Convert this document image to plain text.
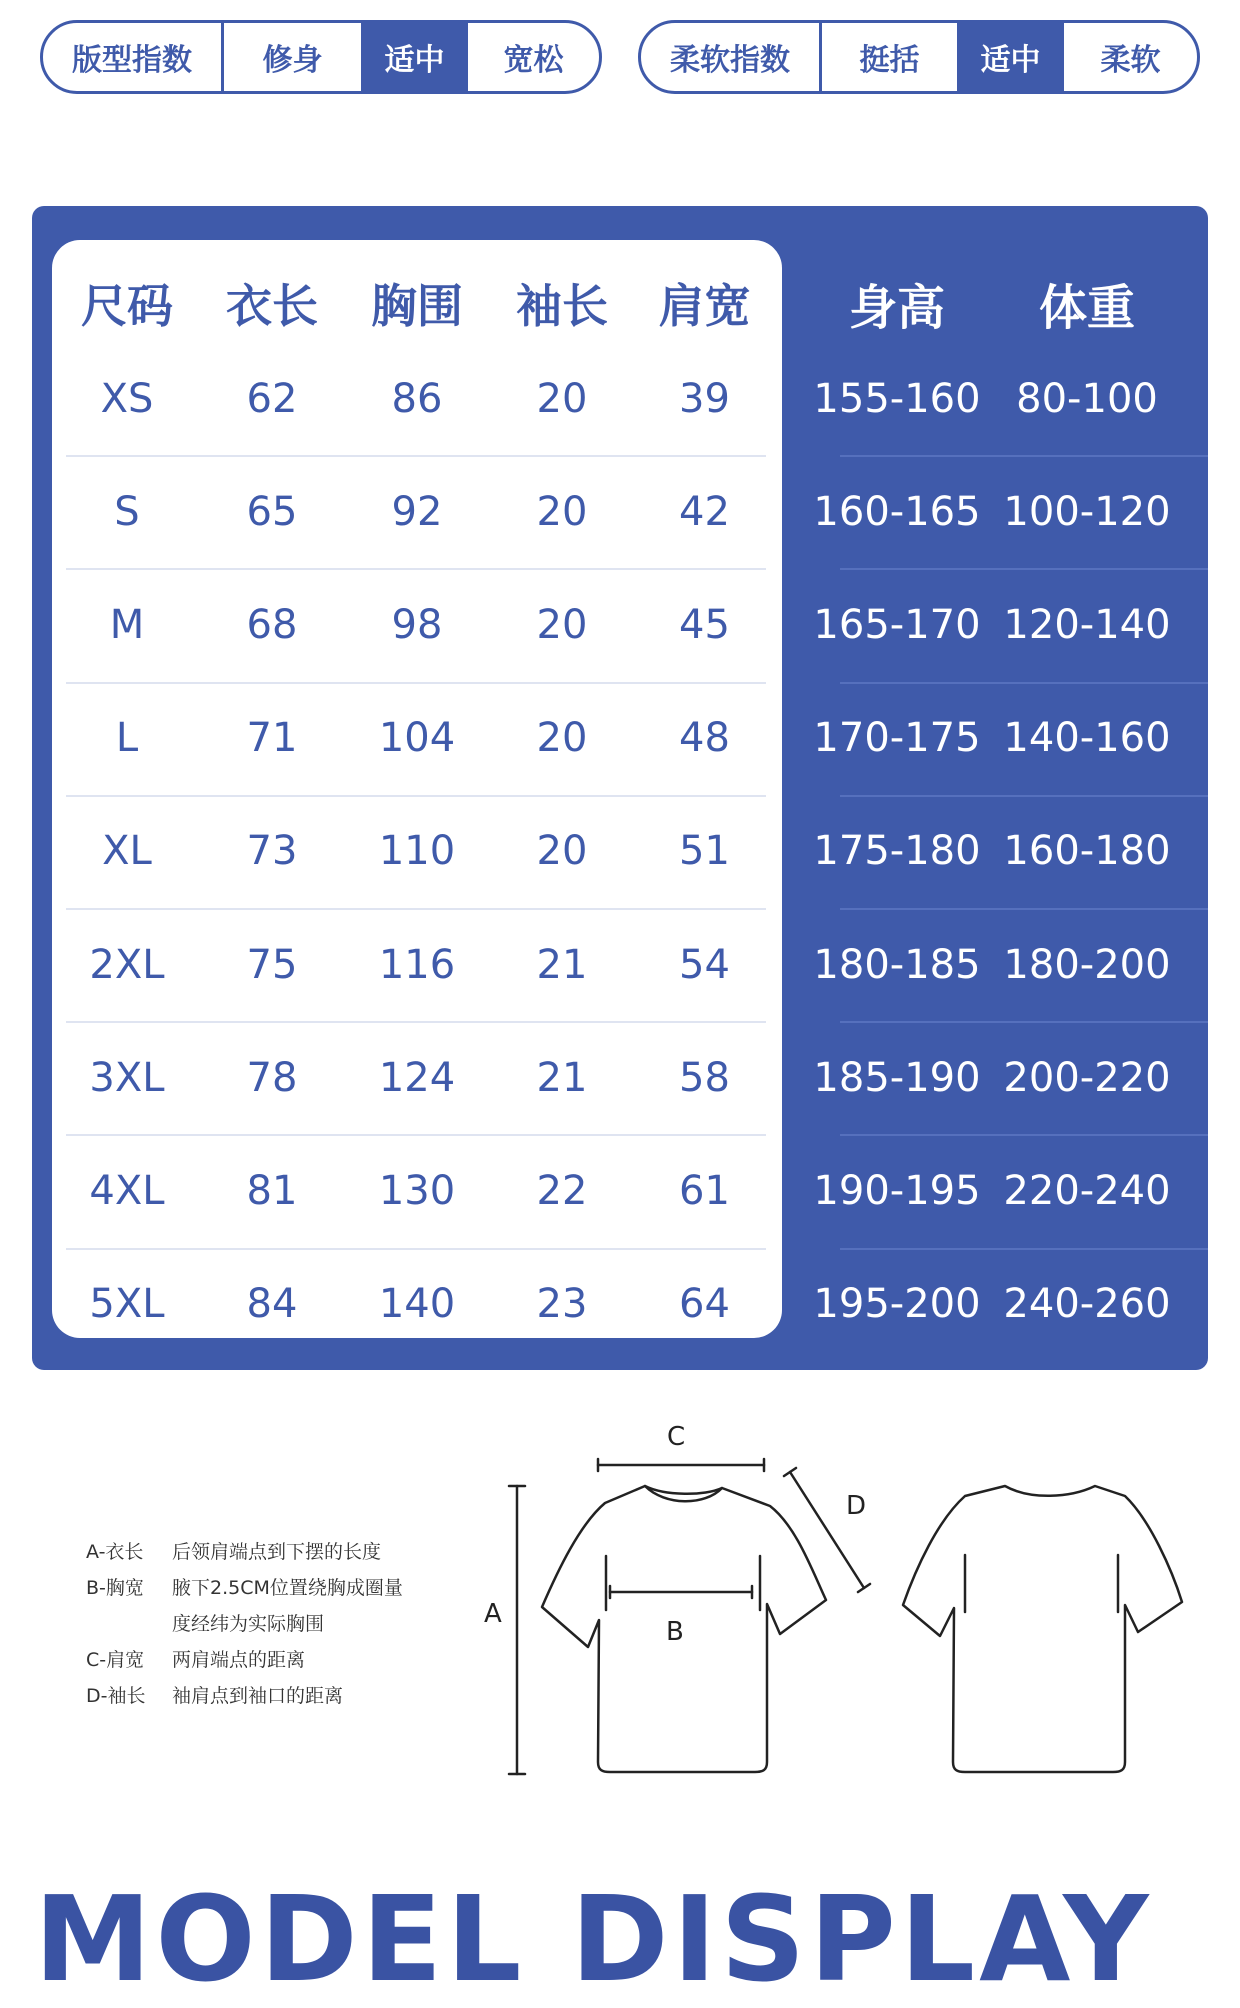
版型指数	修身	适中	宽松	柔软指数	挺括	适中	柔软
尺码	衣长	胸围	袖长	肩宽
XS	62	86	20	39
S	65	92	20	42
M	68	98	20	45
L	71	104	20	48
XL	73	110	20	51
2XL	75	116	21	54
3XL	78	124	21	58
4XL	81	130	22	61
5XL	84	140	23	64
身高	体重
155-160 80-100
160-165 100-120
165-170 120-140
170-175 140-160
175-180 160-180
180-185 180-200
185-190 200-220
190-195 220-240
195-200 240-260
A-衣长	后领肩端点到下摆的长度
B-胸宽	腋下2.5CM位置绕胸成圈量
度经纬为实际胸围
C-肩宽	两肩端点的距离
D-袖长	袖肩点到袖口的距离
A
B
C
D
MODEL DISPLAY
